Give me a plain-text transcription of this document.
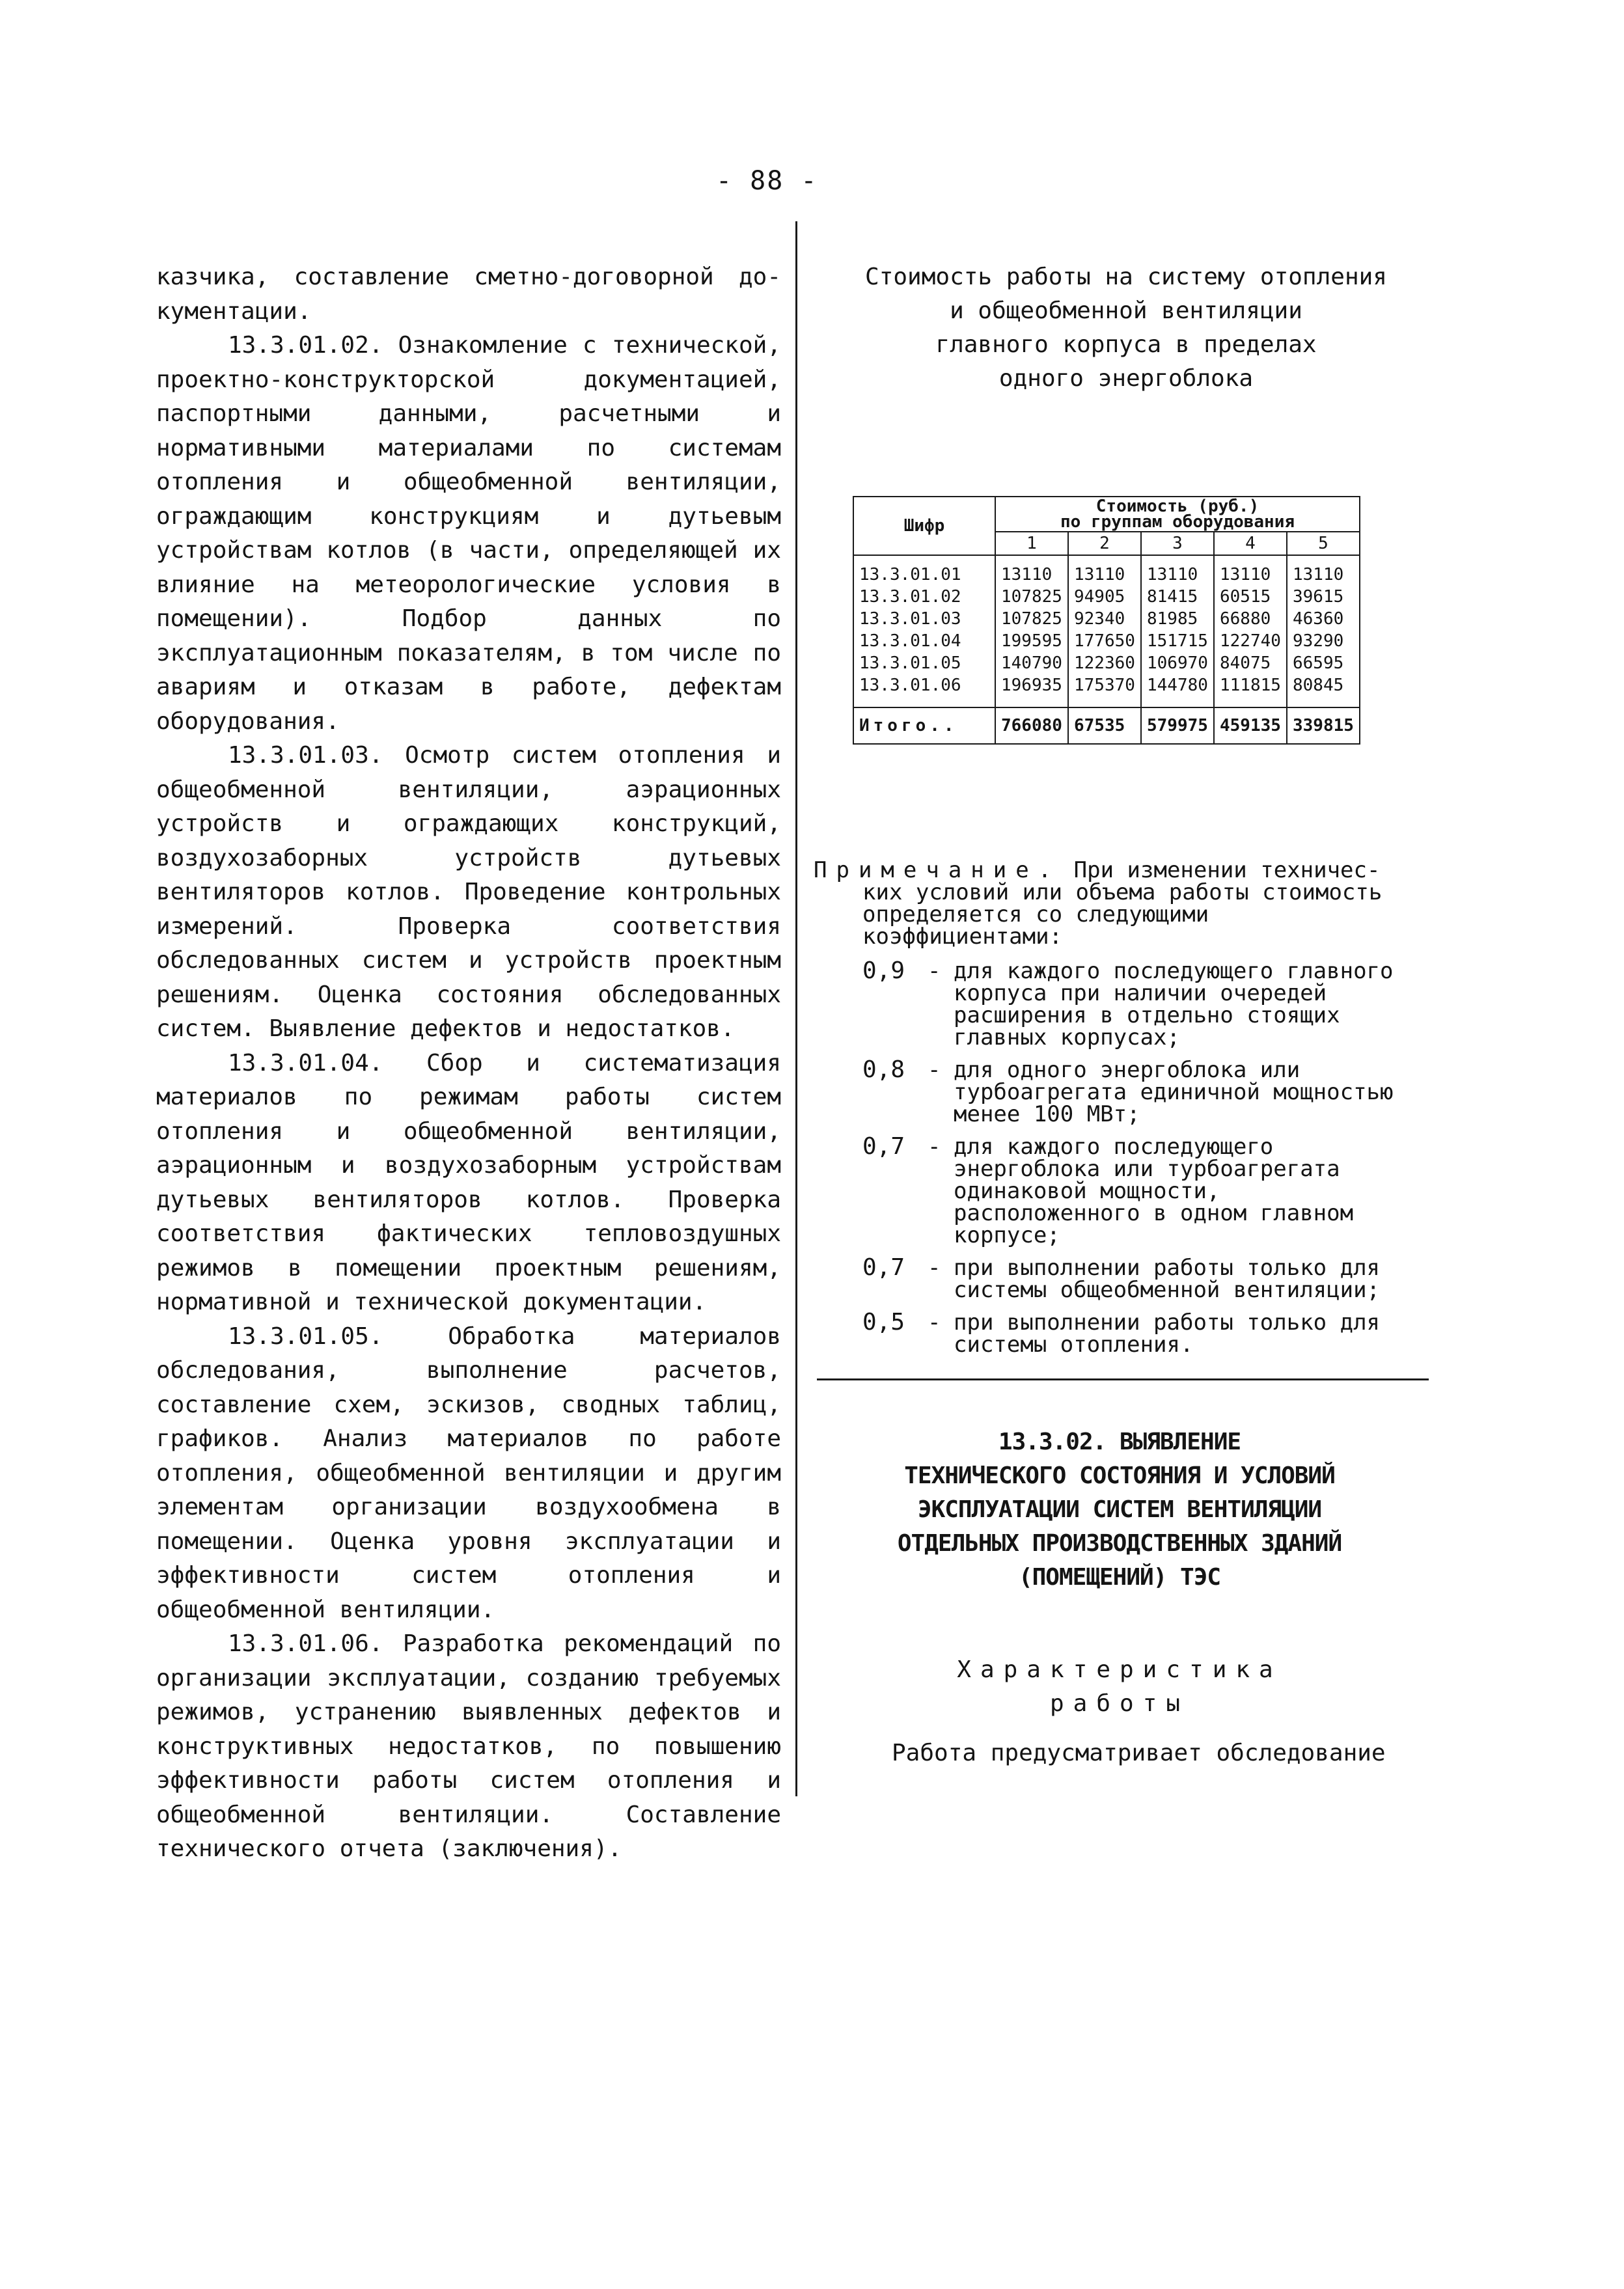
- 88 -

казчика, составление сметно-договорной до-кументации.

13.3.01.02. Ознакомление с технической, проектно-конструкторской документацией, паспортными данными, расчетными и нормативными материалами по системам отопления и общеобменной вентиляции, ограждающим конструкциям и дутьевым устройствам котлов (в части, определяющей их влияние на метеорологические условия в помещении). Подбор данных по эксплуатационным показателям, в том числе по авариям и отказам в работе, дефектам оборудования.

13.3.01.03. Осмотр систем отопления и общеобменной вентиляции, аэрационных устройств и ограждающих конструкций, воздухозаборных устройств дутьевых вентиляторов котлов. Проведение контрольных измерений. Проверка соответствия обследованных систем и устройств проектным решениям. Оценка состояния обследованных систем. Выявление дефектов и недостатков.

13.3.01.04. Сбор и систематизация материалов по режимам работы систем отопления и общеобменной вентиляции, аэрационным и воздухозаборным устройствам дутьевых вентиляторов котлов. Проверка соответствия фактических тепловоздушных режимов в помещении проектным решениям, нормативной и технической документации.

13.3.01.05. Обработка материалов обследования, выполнение расчетов, составление схем, эскизов, сводных таблиц, графиков. Анализ материалов по работе отопления, общеобменной вентиляции и другим элементам организации воздухообмена в помещении. Оценка уровня эксплуатации и эффективности систем отопления и общеобменной вентиляции.

13.3.01.06. Разработка рекомендаций по организации эксплуатации, созданию требуемых режимов, устранению выявленных дефектов и конструктивных недостатков, по повышению эффективности работы систем отопления и общеобменной вентиляции. Составление технического отчета (заключения).

Стоимость работы на систему отопления
и общеобменной вентиляции
главного корпуса в пределах
одного энергоблока
Шифр	Стоимость (руб.)
по группам оборудования				

	1	2	3	4	5
13.3.01.01	13110	13110	13110	13110	13110
13.3.01.02	107825	94905	81415	60515	39615
13.3.01.03	107825	92340	81985	66880	46360
13.3.01.04	199595	177650	151715	122740	93290
13.3.01.05	140790	122360	106970	84075	66595
13.3.01.06	196935	175370	144780	111815	80845
Итого..	766080	67535	579975	459135	339815
Примечание. При изменении техничес-
ких условий или объема работы стоимость определяется со следующими коэффициентами:
0,9	- для каждого последующего главного корпуса при наличии очередей расширения в отдельно стоящих главных корпусах;
0,8	- для одного энергоблока или турбоагрегата единичной мощностью менее 100 МВт;
0,7	- для каждого последующего энергоблока или турбоагрегата одинаковой мощности, расположенного в одном главном корпусе;
0,7	- при выполнении работы только для системы общеобменной вентиляции;
0,5	- при выполнении работы только для системы отопления.
13.3.02. ВЫЯВЛЕНИЕ
ТЕХНИЧЕСКОГО СОСТОЯНИЯ И УСЛОВИЙ
ЭКСПЛУАТАЦИИ СИСТЕМ ВЕНТИЛЯЦИИ
ОТДЕЛЬНЫХ ПРОИЗВОДСТВЕННЫХ ЗДАНИЙ
(ПОМЕЩЕНИЙ) ТЭС
Характеристика
работы
Работа предусматривает обследование
